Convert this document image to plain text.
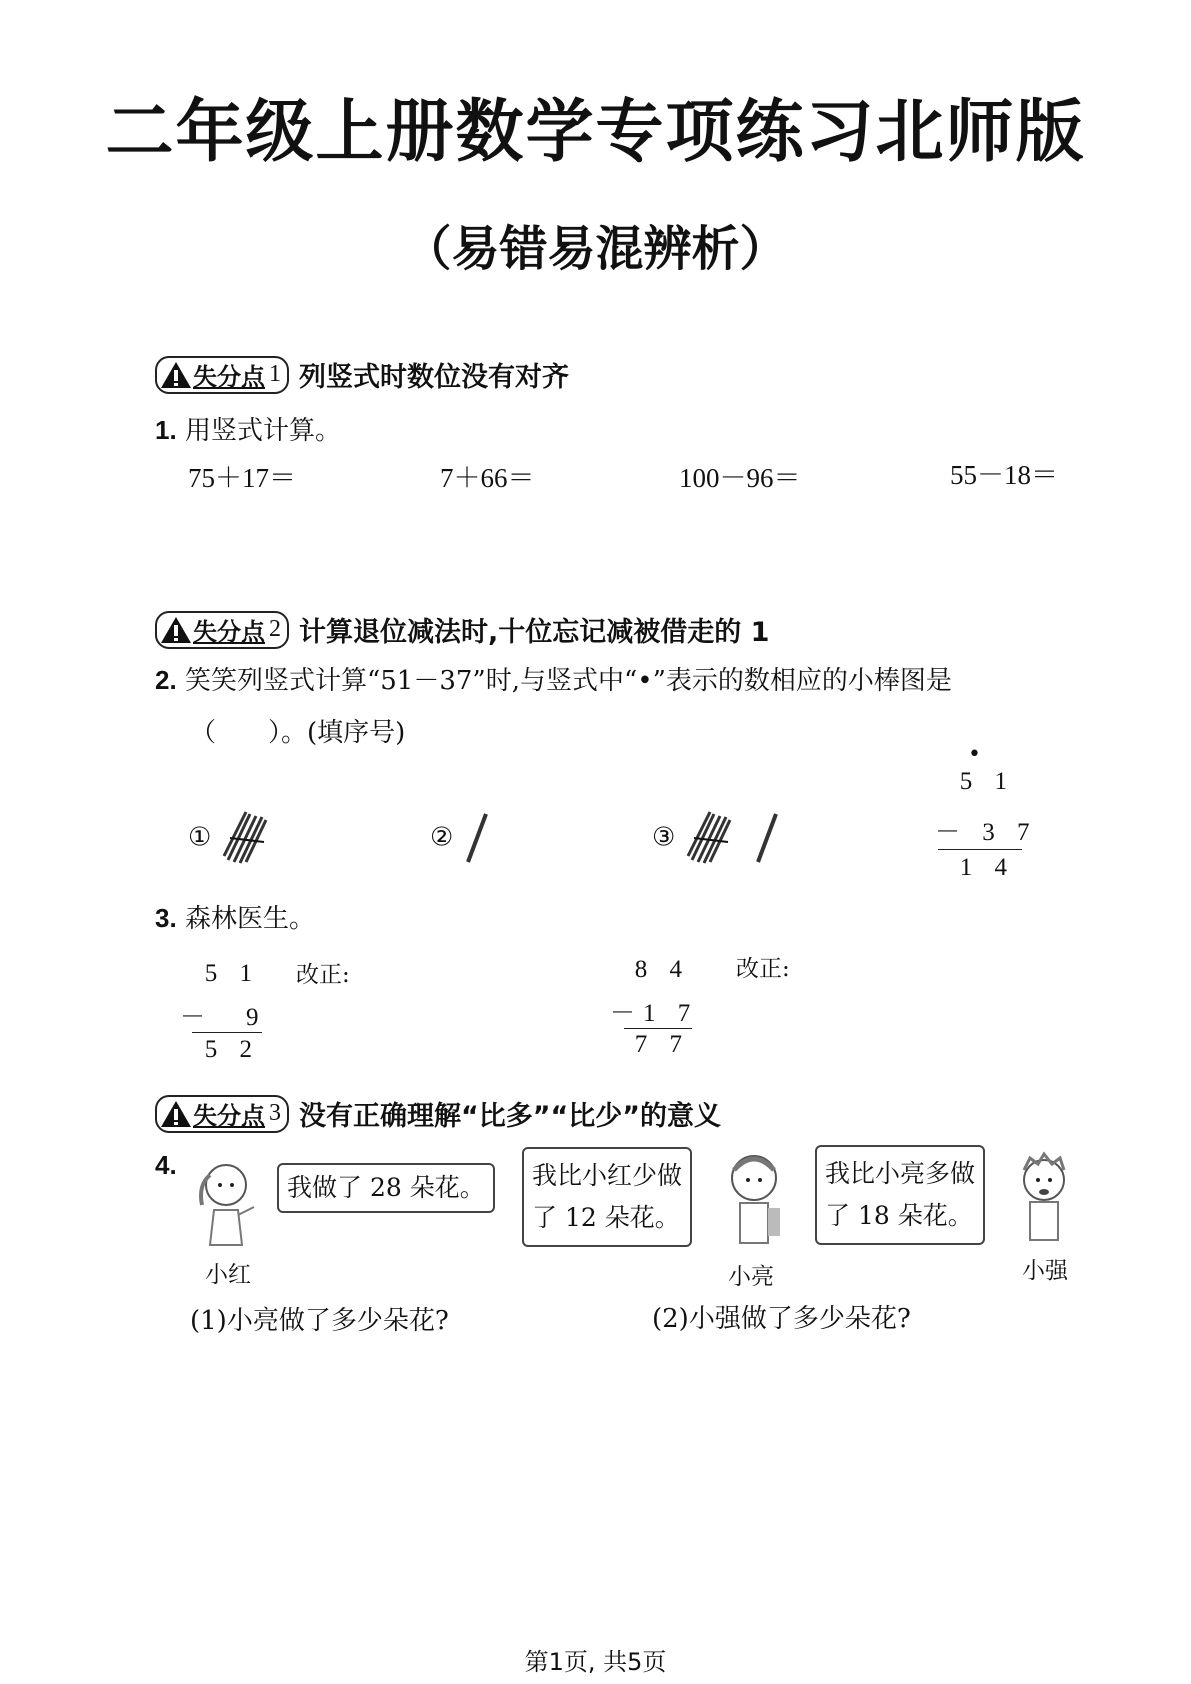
二年级上册数学专项练习北师版
（易错易混辨析）
失分点 1 列竖式时数位没有对齐
1. 用竖式计算。
75＋17＝	7＋66＝	100－96＝	55－18＝
失分点 2 计算退位减法时,十位忘记减被借走的 1
2. 笑笑列竖式计算“51－37”时,与竖式中“•”表示的数相应的小棒图是
（　　）。(填序号)
①	②	③
•
5 1
－ 3 7
1 4
3. 森林医生。
5 1
－　9
5 2
改正:	8 4
－1 7
7 7
改正:
失分点 3 没有正确理解“比多”“比少”的意义
4.
我做了 28 朵花。
小红
我比小红少做
了 12 朵花。
小亮
我比小亮多做
了 18 朵花。
小强
(1)小亮做了多少朵花?	(2)小强做了多少朵花?
第1页, 共5页
